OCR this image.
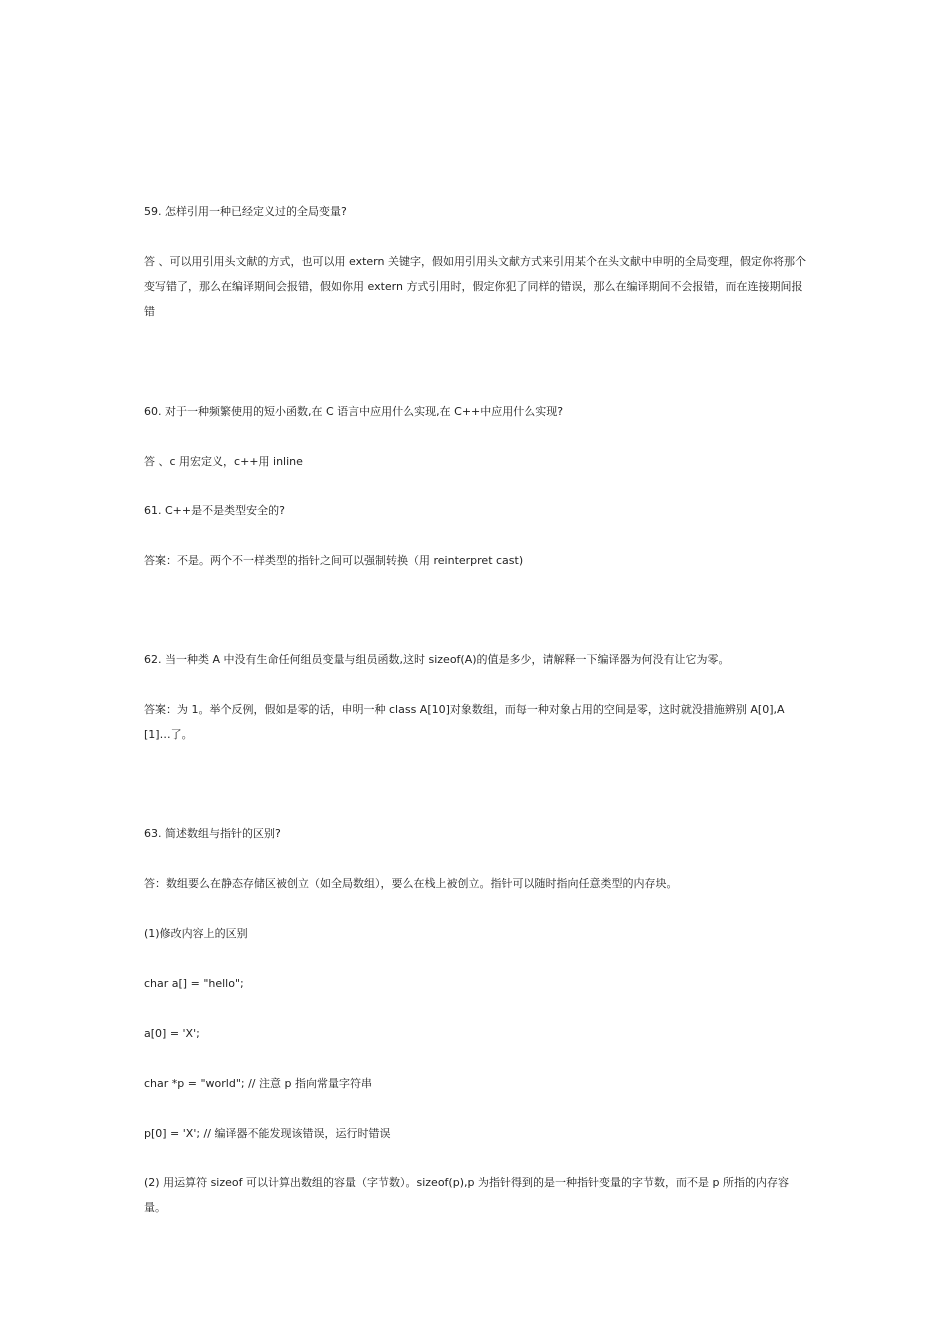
59. 怎样引用一种已经定义过的全局变量?

答 、可以用引用头文献的方式，也可以用 extern 关键字，假如用引用头文献方式来引用某个在头文献中申明的全局变理，假定你将那个变写错了，那么在编译期间会报错，假如你用 extern 方式引用时，假定你犯了同样的错误，那么在编译期间不会报错，而在连接期间报错

60. 对于一种频繁使用的短小函数,在 C 语言中应用什么实现,在 C++中应用什么实现?

答 、c 用宏定义，c++用 inline

61. C++是不是类型安全的?

答案：不是。两个不一样类型的指针之间可以强制转换（用 reinterpret cast)

62. 当一种类 A 中没有生命任何组员变量与组员函数,这时 sizeof(A)的值是多少，请解释一下编译器为何没有让它为零。

答案：为 1。举个反例，假如是零的话，申明一种 class A[10]对象数组，而每一种对象占用的空间是零，这时就没措施辨别 A[0],A[1]…了。

63. 简述数组与指针的区别?

答：数组要么在静态存储区被创立（如全局数组），要么在栈上被创立。指针可以随时指向任意类型的内存块。

(1)修改内容上的区别

char a[] = "hello";

a[0] = 'X';

char *p = "world"; // 注意 p 指向常量字符串

p[0] = 'X'; // 编译器不能发现该错误，运行时错误

(2) 用运算符 sizeof 可以计算出数组的容量（字节数）。sizeof(p),p 为指针得到的是一种指针变量的字节数，而不是 p 所指的内存容量。
